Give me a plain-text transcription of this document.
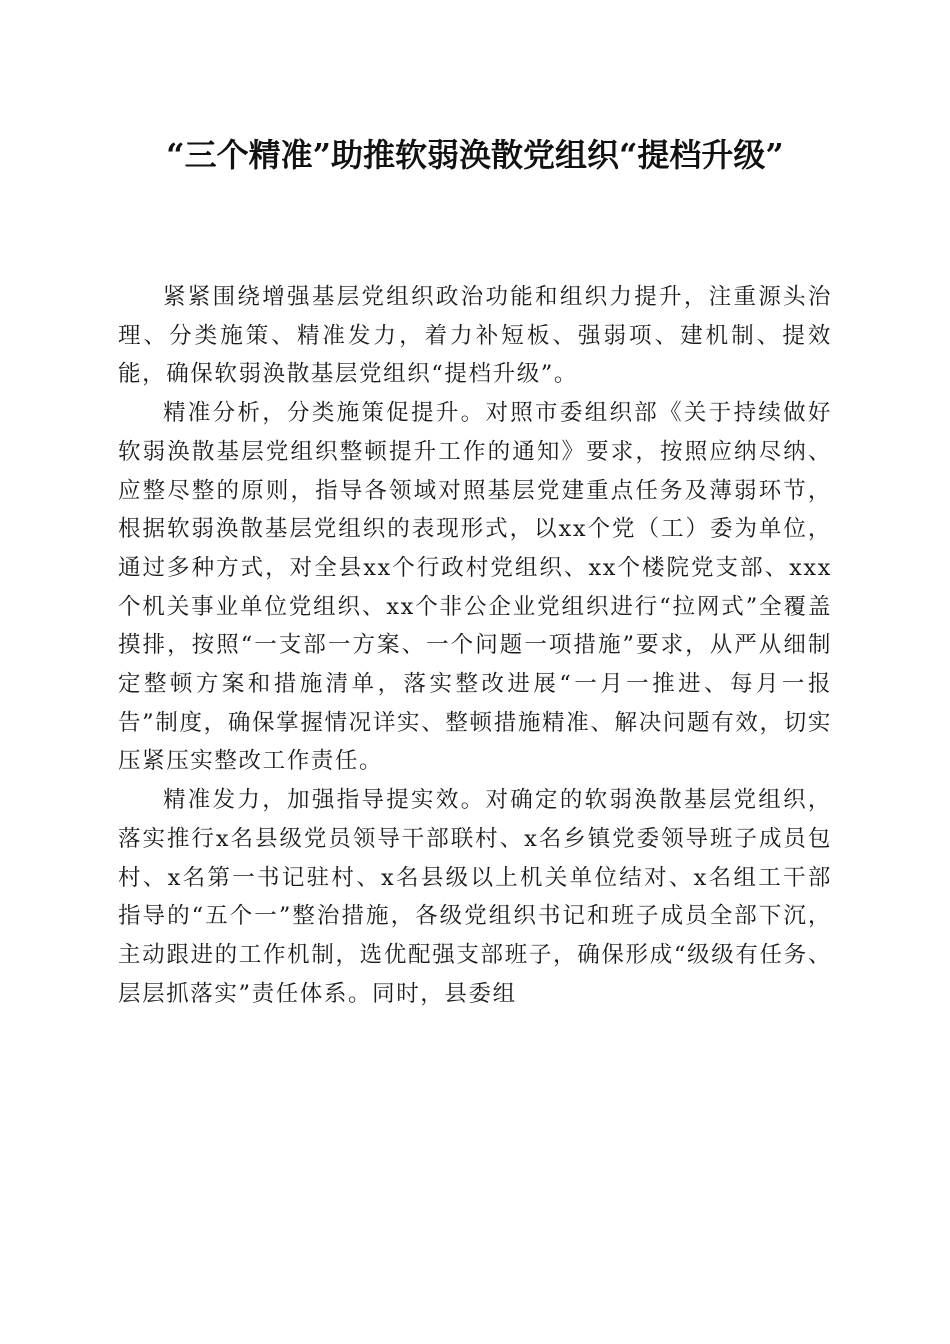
“三个精准”助推软弱涣散党组织“提档升级”

紧紧围绕增强基层党组织政治功能和组织力提升，注重源头治理、分类施策、精准发力，着力补短板、强弱项、建机制、提效能，确保软弱涣散基层党组织“提档升级”。

精准分析，分类施策促提升。对照市委组织部《关于持续做好软弱涣散基层党组织整顿提升工作的通知》要求，按照应纳尽纳、应整尽整的原则，指导各领域对照基层党建重点任务及薄弱环节，根据软弱涣散基层党组织的表现形式，以xx个党（工）委为单位，通过多种方式，对全县xx个行政村党组织、xx个楼院党支部、xxx个机关事业单位党组织、xx个非公企业党组织进行“拉网式”全覆盖摸排，按照“一支部一方案、一个问题一项措施”要求，从严从细制定整顿方案和措施清单，落实整改进展“一月一推进、每月一报告”制度，确保掌握情况详实、整顿措施精准、解决问题有效，切实压紧压实整改工作责任。

精准发力，加强指导提实效。对确定的软弱涣散基层党组织，落实推行x名县级党员领导干部联村、x名乡镇党委领导班子成员包村、x名第一书记驻村、x名县级以上机关单位结对、x名组工干部指导的“五个一”整治措施，各级党组织书记和班子成员全部下沉，主动跟进的工作机制，选优配强支部班子，确保形成“级级有任务、层层抓落实”责任体系。同时，县委组
